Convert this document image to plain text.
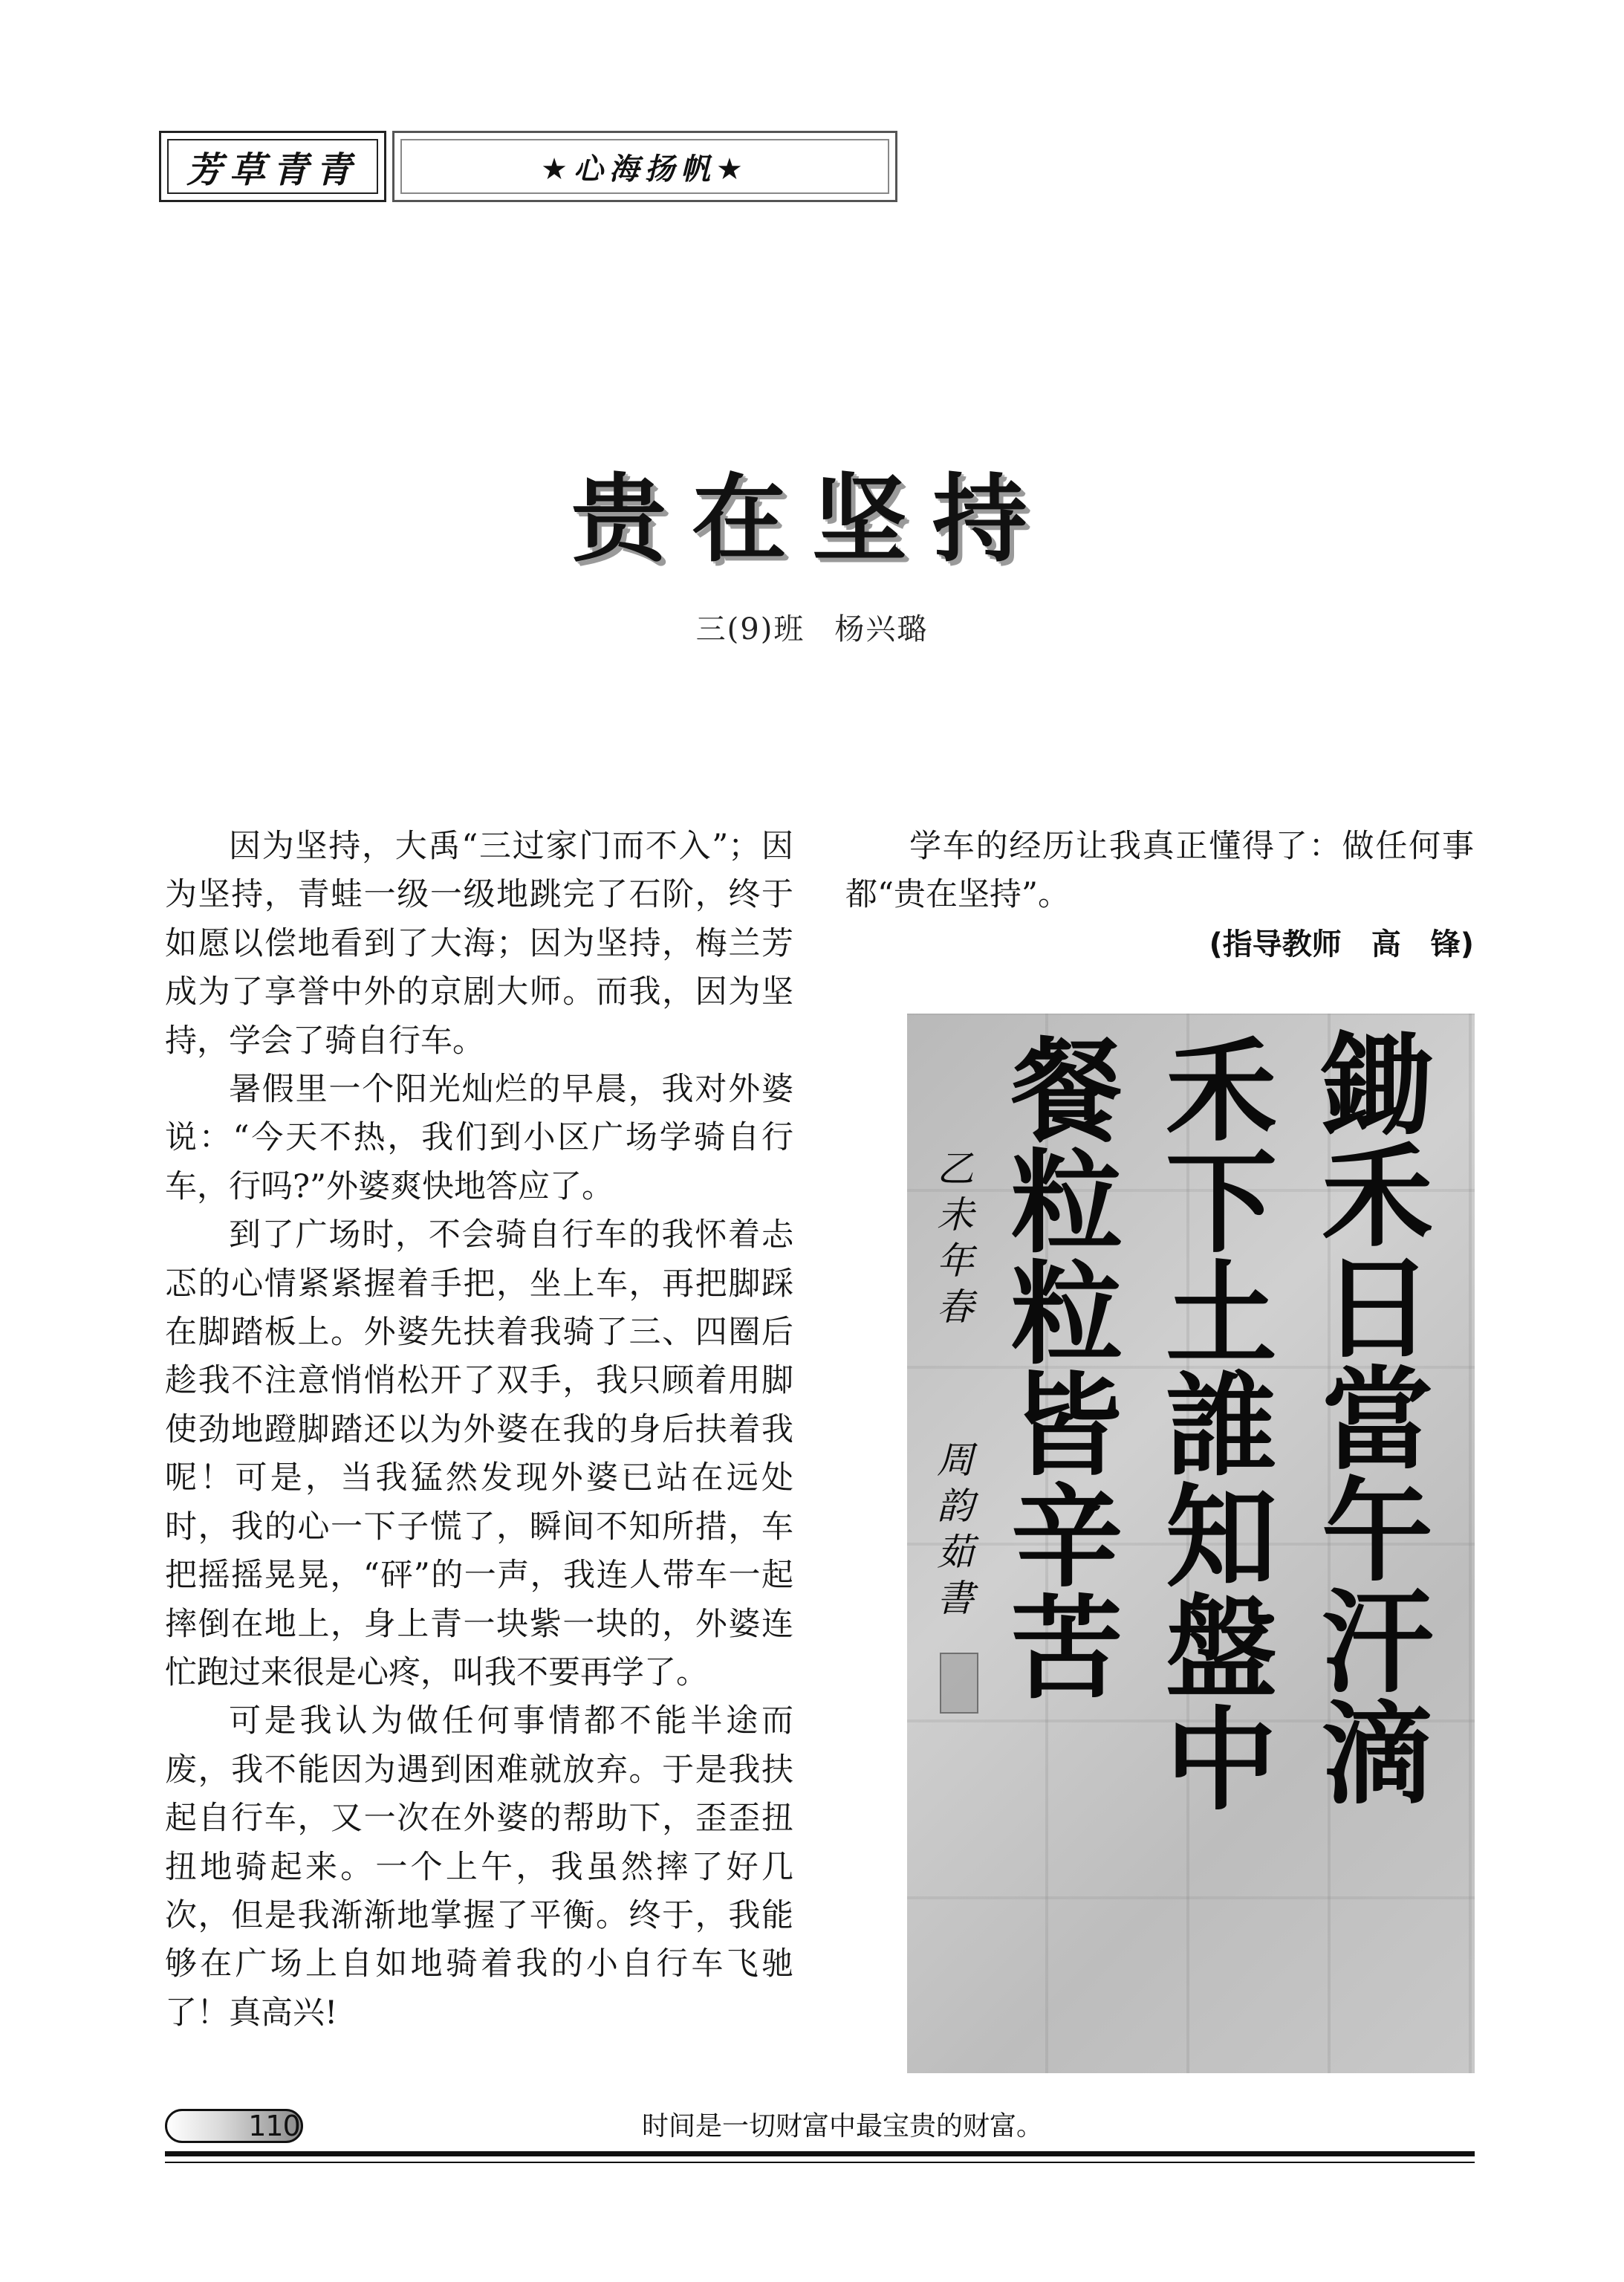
芳草青青	★心海扬帆★
贵在坚持
三(9)班 杨兴璐

因为坚持，大禹“三过家门而不入”；因为坚持，青蛙一级一级地跳完了石阶，终于如愿以偿地看到了大海；因为坚持，梅兰芳成为了享誉中外的京剧大师。而我，因为坚持，学会了骑自行车。

暑假里一个阳光灿烂的早晨，我对外婆说：“今天不热，我们到小区广场学骑自行车，行吗?”外婆爽快地答应了。

到了广场时，不会骑自行车的我怀着忐忑的心情紧紧握着手把，坐上车，再把脚踩在脚踏板上。外婆先扶着我骑了三、四圈后趁我不注意悄悄松开了双手，我只顾着用脚使劲地蹬脚踏还以为外婆在我的身后扶着我呢！可是，当我猛然发现外婆已站在远处时，我的心一下子慌了，瞬间不知所措，车把摇摇晃晃，“砰”的一声，我连人带车一起摔倒在地上，身上青一块紫一块的，外婆连忙跑过来很是心疼，叫我不要再学了。

可是我认为做任何事情都不能半途而废，我不能因为遇到困难就放弃。于是我扶起自行车，又一次在外婆的帮助下，歪歪扭扭地骑起来。一个上午，我虽然摔了好几次，但是我渐渐地掌握了平衡。终于，我能够在广场上自如地骑着我的小自行车飞驰了！真高兴!

学车的经历让我真正懂得了：做任何事都“贵在坚持”。

(指导教师 高　锋)
鋤
禾
日
當
午
汗
滴
禾
下
土
誰
知
盤
中
餐
粒
粒
皆
辛
苦
乙
未
年
春
周
韵
茹
書
110	时间是一切财富中最宝贵的财富。
